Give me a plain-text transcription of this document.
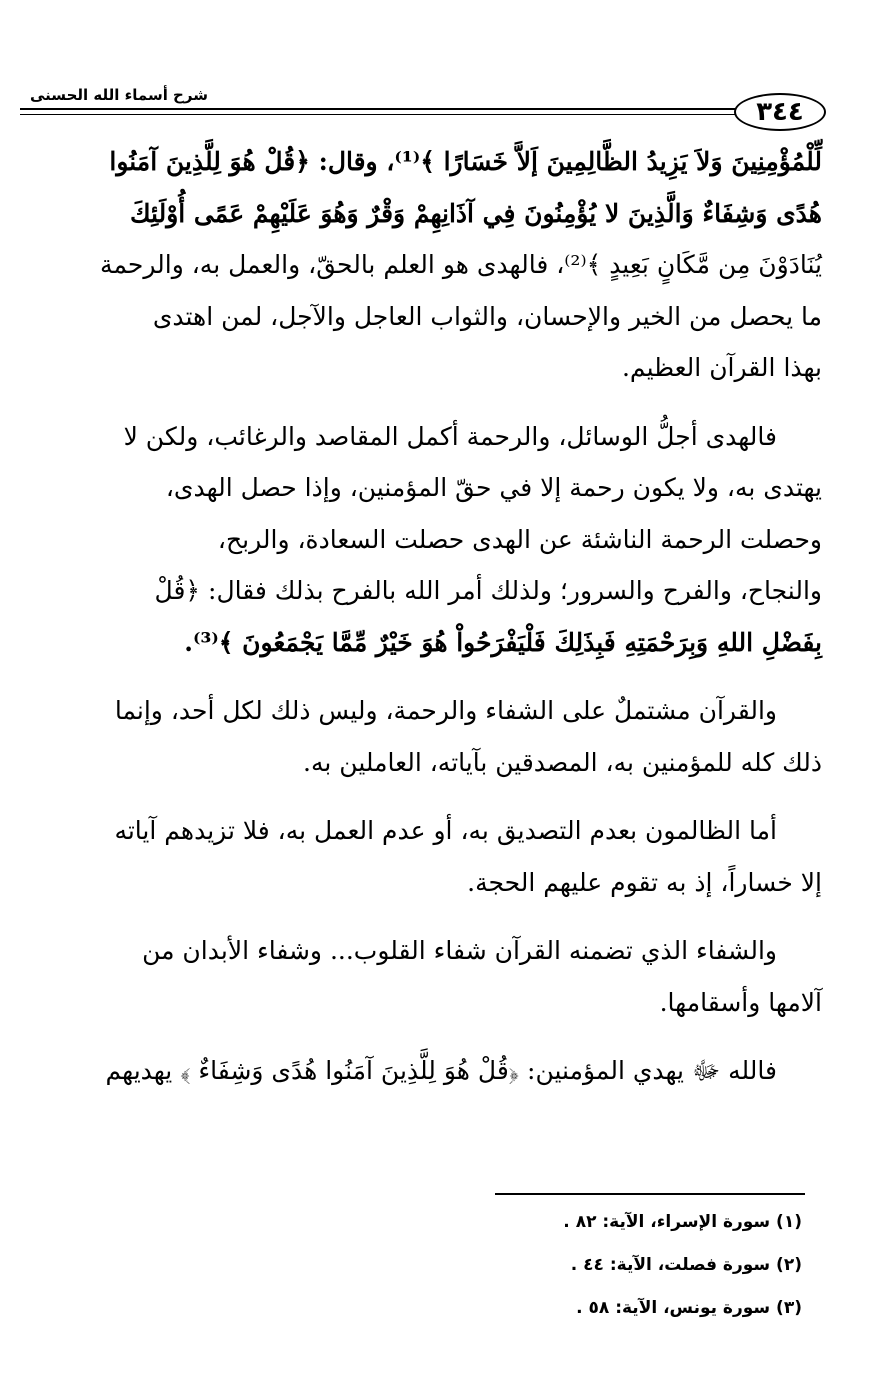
شرح أسماء الله الحسنى
٣٤٤

لِّلْمُؤْمِنِينَ وَلاَ يَزِيدُ الظَّالِمِينَ إَلاَّ خَسَارًا ﴾⁽¹⁾، وقال: ﴿قُلْ هُوَ لِلَّذِينَ آمَنُوا
هُدًى وَشِفَاءٌ وَالَّذِينَ لا يُؤْمِنُونَ فِي آذَانِهِمْ وَقْرٌ وَهُوَ عَلَيْهِمْ عَمًى أُوْلَئِكَ
يُنَادَوْنَ مِن مَّكَانٍ بَعِيدٍ ﴾⁽²⁾، فالهدى هو العلم بالحقّ، والعمل به، والرحمة
ما يحصل من الخير والإحسان، والثواب العاجل والآجل، لمن اهتدى
بهذا القرآن العظيم.

فالهدى أجلُّ الوسائل، والرحمة أكمل المقاصد والرغائب، ولكن لا
يهتدى به، ولا يكون رحمة إلا في حقّ المؤمنين، وإذا حصل الهدى،
وحصلت الرحمة الناشئة عن الهدى حصلت السعادة، والربح،
والنجاح، والفرح والسرور؛ ولذلك أمر الله بالفرح بذلك فقال: ﴿قُلْ
بِفَضْلِ اللهِ وَبِرَحْمَتِهِ فَبِذَلِكَ فَلْيَفْرَحُواْ هُوَ خَيْرٌ مِّمَّا يَجْمَعُونَ ﴾⁽³⁾.

والقرآن مشتملٌ على الشفاء والرحمة، وليس ذلك لكل أحد، وإنما
ذلك كله للمؤمنين به، المصدقين بآياته، العاملين به.

أما الظالمون بعدم التصديق به، أو عدم العمل به، فلا تزيدهم آياته
إلا خساراً، إذ به تقوم عليهم الحجة.

والشفاء الذي تضمنه القرآن شفاء القلوب... وشفاء الأبدان من
آلامها وأسقامها.

فالله ﷻ يهدي المؤمنين: ﴿قُلْ هُوَ لِلَّذِينَ آمَنُوا هُدًى وَشِفَاءٌ ﴾ يهديهم

(١) سورة الإسراء، الآية: ٨٢ .
(٢) سورة فصلت، الآية: ٤٤ .
(٣) سورة يونس، الآية: ٥٨ .
